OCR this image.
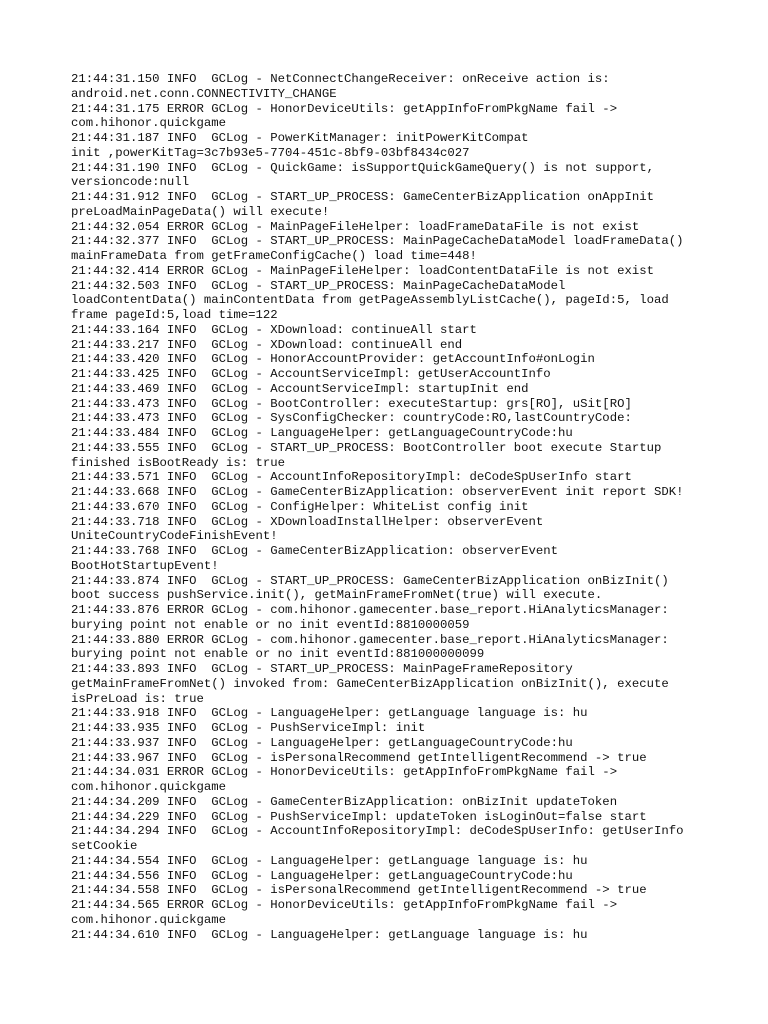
21:44:31.150 INFO  GCLog - NetConnectChangeReceiver: onReceive action is:
android.net.conn.CONNECTIVITY_CHANGE
21:44:31.175 ERROR GCLog - HonorDeviceUtils: getAppInfoFromPkgName fail ->
com.hihonor.quickgame
21:44:31.187 INFO  GCLog - PowerKitManager: initPowerKitCompat
init ,powerKitTag=3c7b93e5-7704-451c-8bf9-03bf8434c027
21:44:31.190 INFO  GCLog - QuickGame: isSupportQuickGameQuery() is not support,
versioncode:null
21:44:31.912 INFO  GCLog - START_UP_PROCESS: GameCenterBizApplication onAppInit
preLoadMainPageData() will execute!
21:44:32.054 ERROR GCLog - MainPageFileHelper: loadFrameDataFile is not exist
21:44:32.377 INFO  GCLog - START_UP_PROCESS: MainPageCacheDataModel loadFrameData()
mainFrameData from getFrameConfigCache() load time=448!
21:44:32.414 ERROR GCLog - MainPageFileHelper: loadContentDataFile is not exist
21:44:32.503 INFO  GCLog - START_UP_PROCESS: MainPageCacheDataModel
loadContentData() mainContentData from getPageAssemblyListCache(), pageId:5, load
frame pageId:5,load time=122
21:44:33.164 INFO  GCLog - XDownload: continueAll start
21:44:33.217 INFO  GCLog - XDownload: continueAll end
21:44:33.420 INFO  GCLog - HonorAccountProvider: getAccountInfo#onLogin
21:44:33.425 INFO  GCLog - AccountServiceImpl: getUserAccountInfo
21:44:33.469 INFO  GCLog - AccountServiceImpl: startupInit end
21:44:33.473 INFO  GCLog - BootController: executeStartup: grs[RO], uSit[RO]
21:44:33.473 INFO  GCLog - SysConfigChecker: countryCode:RO,lastCountryCode:
21:44:33.484 INFO  GCLog - LanguageHelper: getLanguageCountryCode:hu
21:44:33.555 INFO  GCLog - START_UP_PROCESS: BootController boot execute Startup
finished isBootReady is: true
21:44:33.571 INFO  GCLog - AccountInfoRepositoryImpl: deCodeSpUserInfo start
21:44:33.668 INFO  GCLog - GameCenterBizApplication: observerEvent init report SDK!
21:44:33.670 INFO  GCLog - ConfigHelper: WhiteList config init
21:44:33.718 INFO  GCLog - XDownloadInstallHelper: observerEvent
UniteCountryCodeFinishEvent!
21:44:33.768 INFO  GCLog - GameCenterBizApplication: observerEvent
BootHotStartupEvent!
21:44:33.874 INFO  GCLog - START_UP_PROCESS: GameCenterBizApplication onBizInit()
boot success pushService.init(), getMainFrameFromNet(true) will execute.
21:44:33.876 ERROR GCLog - com.hihonor.gamecenter.base_report.HiAnalyticsManager:
burying point not enable or no init eventId:8810000059
21:44:33.880 ERROR GCLog - com.hihonor.gamecenter.base_report.HiAnalyticsManager:
burying point not enable or no init eventId:881000000099
21:44:33.893 INFO  GCLog - START_UP_PROCESS: MainPageFrameRepository
getMainFrameFromNet() invoked from: GameCenterBizApplication onBizInit(), execute
isPreLoad is: true
21:44:33.918 INFO  GCLog - LanguageHelper: getLanguage language is: hu
21:44:33.935 INFO  GCLog - PushServiceImpl: init
21:44:33.937 INFO  GCLog - LanguageHelper: getLanguageCountryCode:hu
21:44:33.967 INFO  GCLog - isPersonalRecommend getIntelligentRecommend -> true
21:44:34.031 ERROR GCLog - HonorDeviceUtils: getAppInfoFromPkgName fail ->
com.hihonor.quickgame
21:44:34.209 INFO  GCLog - GameCenterBizApplication: onBizInit updateToken
21:44:34.229 INFO  GCLog - PushServiceImpl: updateToken isLoginOut=false start
21:44:34.294 INFO  GCLog - AccountInfoRepositoryImpl: deCodeSpUserInfo: getUserInfo
setCookie
21:44:34.554 INFO  GCLog - LanguageHelper: getLanguage language is: hu
21:44:34.556 INFO  GCLog - LanguageHelper: getLanguageCountryCode:hu
21:44:34.558 INFO  GCLog - isPersonalRecommend getIntelligentRecommend -> true
21:44:34.565 ERROR GCLog - HonorDeviceUtils: getAppInfoFromPkgName fail ->
com.hihonor.quickgame
21:44:34.610 INFO  GCLog - LanguageHelper: getLanguage language is: hu
